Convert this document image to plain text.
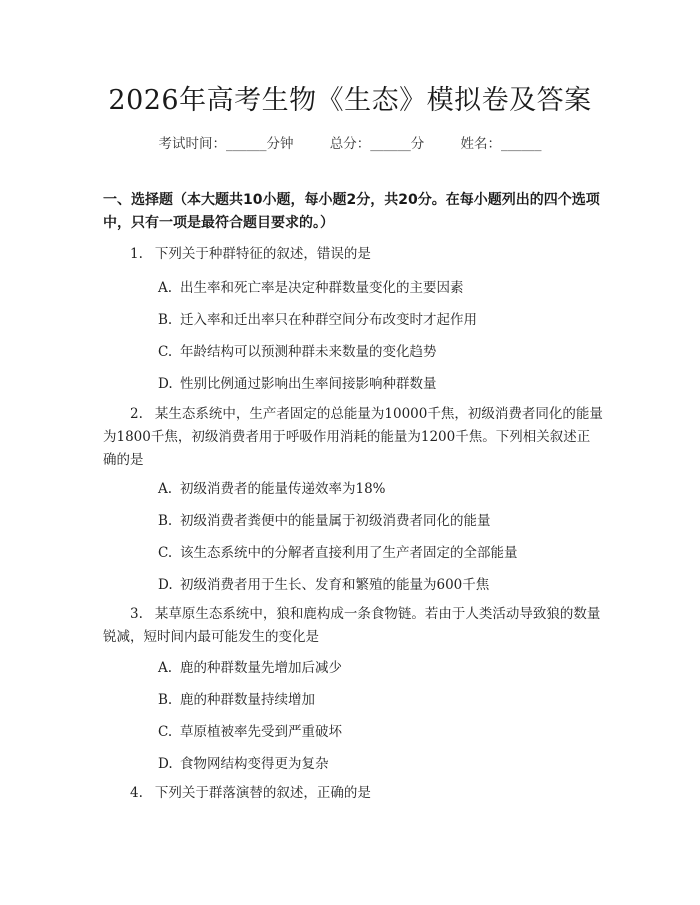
2026年高考生物《生态》模拟卷及答案
考试时间：______分钟	总分：______分	姓名：______
一、选择题（本大题共10小题，每小题2分，共20分。在每小题列出的四个选项中，只有一项是最符合题目要求的。）
1. 下列关于种群特征的叙述，错误的是
A. 出生率和死亡率是决定种群数量变化的主要因素
B. 迁入率和迁出率只在种群空间分布改变时才起作用
C. 年龄结构可以预测种群未来数量的变化趋势
D. 性别比例通过影响出生率间接影响种群数量
2. 某生态系统中，生产者固定的总能量为10000千焦，初级消费者同化的能量为1800千焦，初级消费者用于呼吸作用消耗的能量为1200千焦。下列相关叙述正确的是
A. 初级消费者的能量传递效率为18%
B. 初级消费者粪便中的能量属于初级消费者同化的能量
C. 该生态系统中的分解者直接利用了生产者固定的全部能量
D. 初级消费者用于生长、发育和繁殖的能量为600千焦
3. 某草原生态系统中，狼和鹿构成一条食物链。若由于人类活动导致狼的数量锐减，短时间内最可能发生的变化是
A. 鹿的种群数量先增加后减少
B. 鹿的种群数量持续增加
C. 草原植被率先受到严重破坏
D. 食物网结构变得更为复杂
4. 下列关于群落演替的叙述，正确的是
